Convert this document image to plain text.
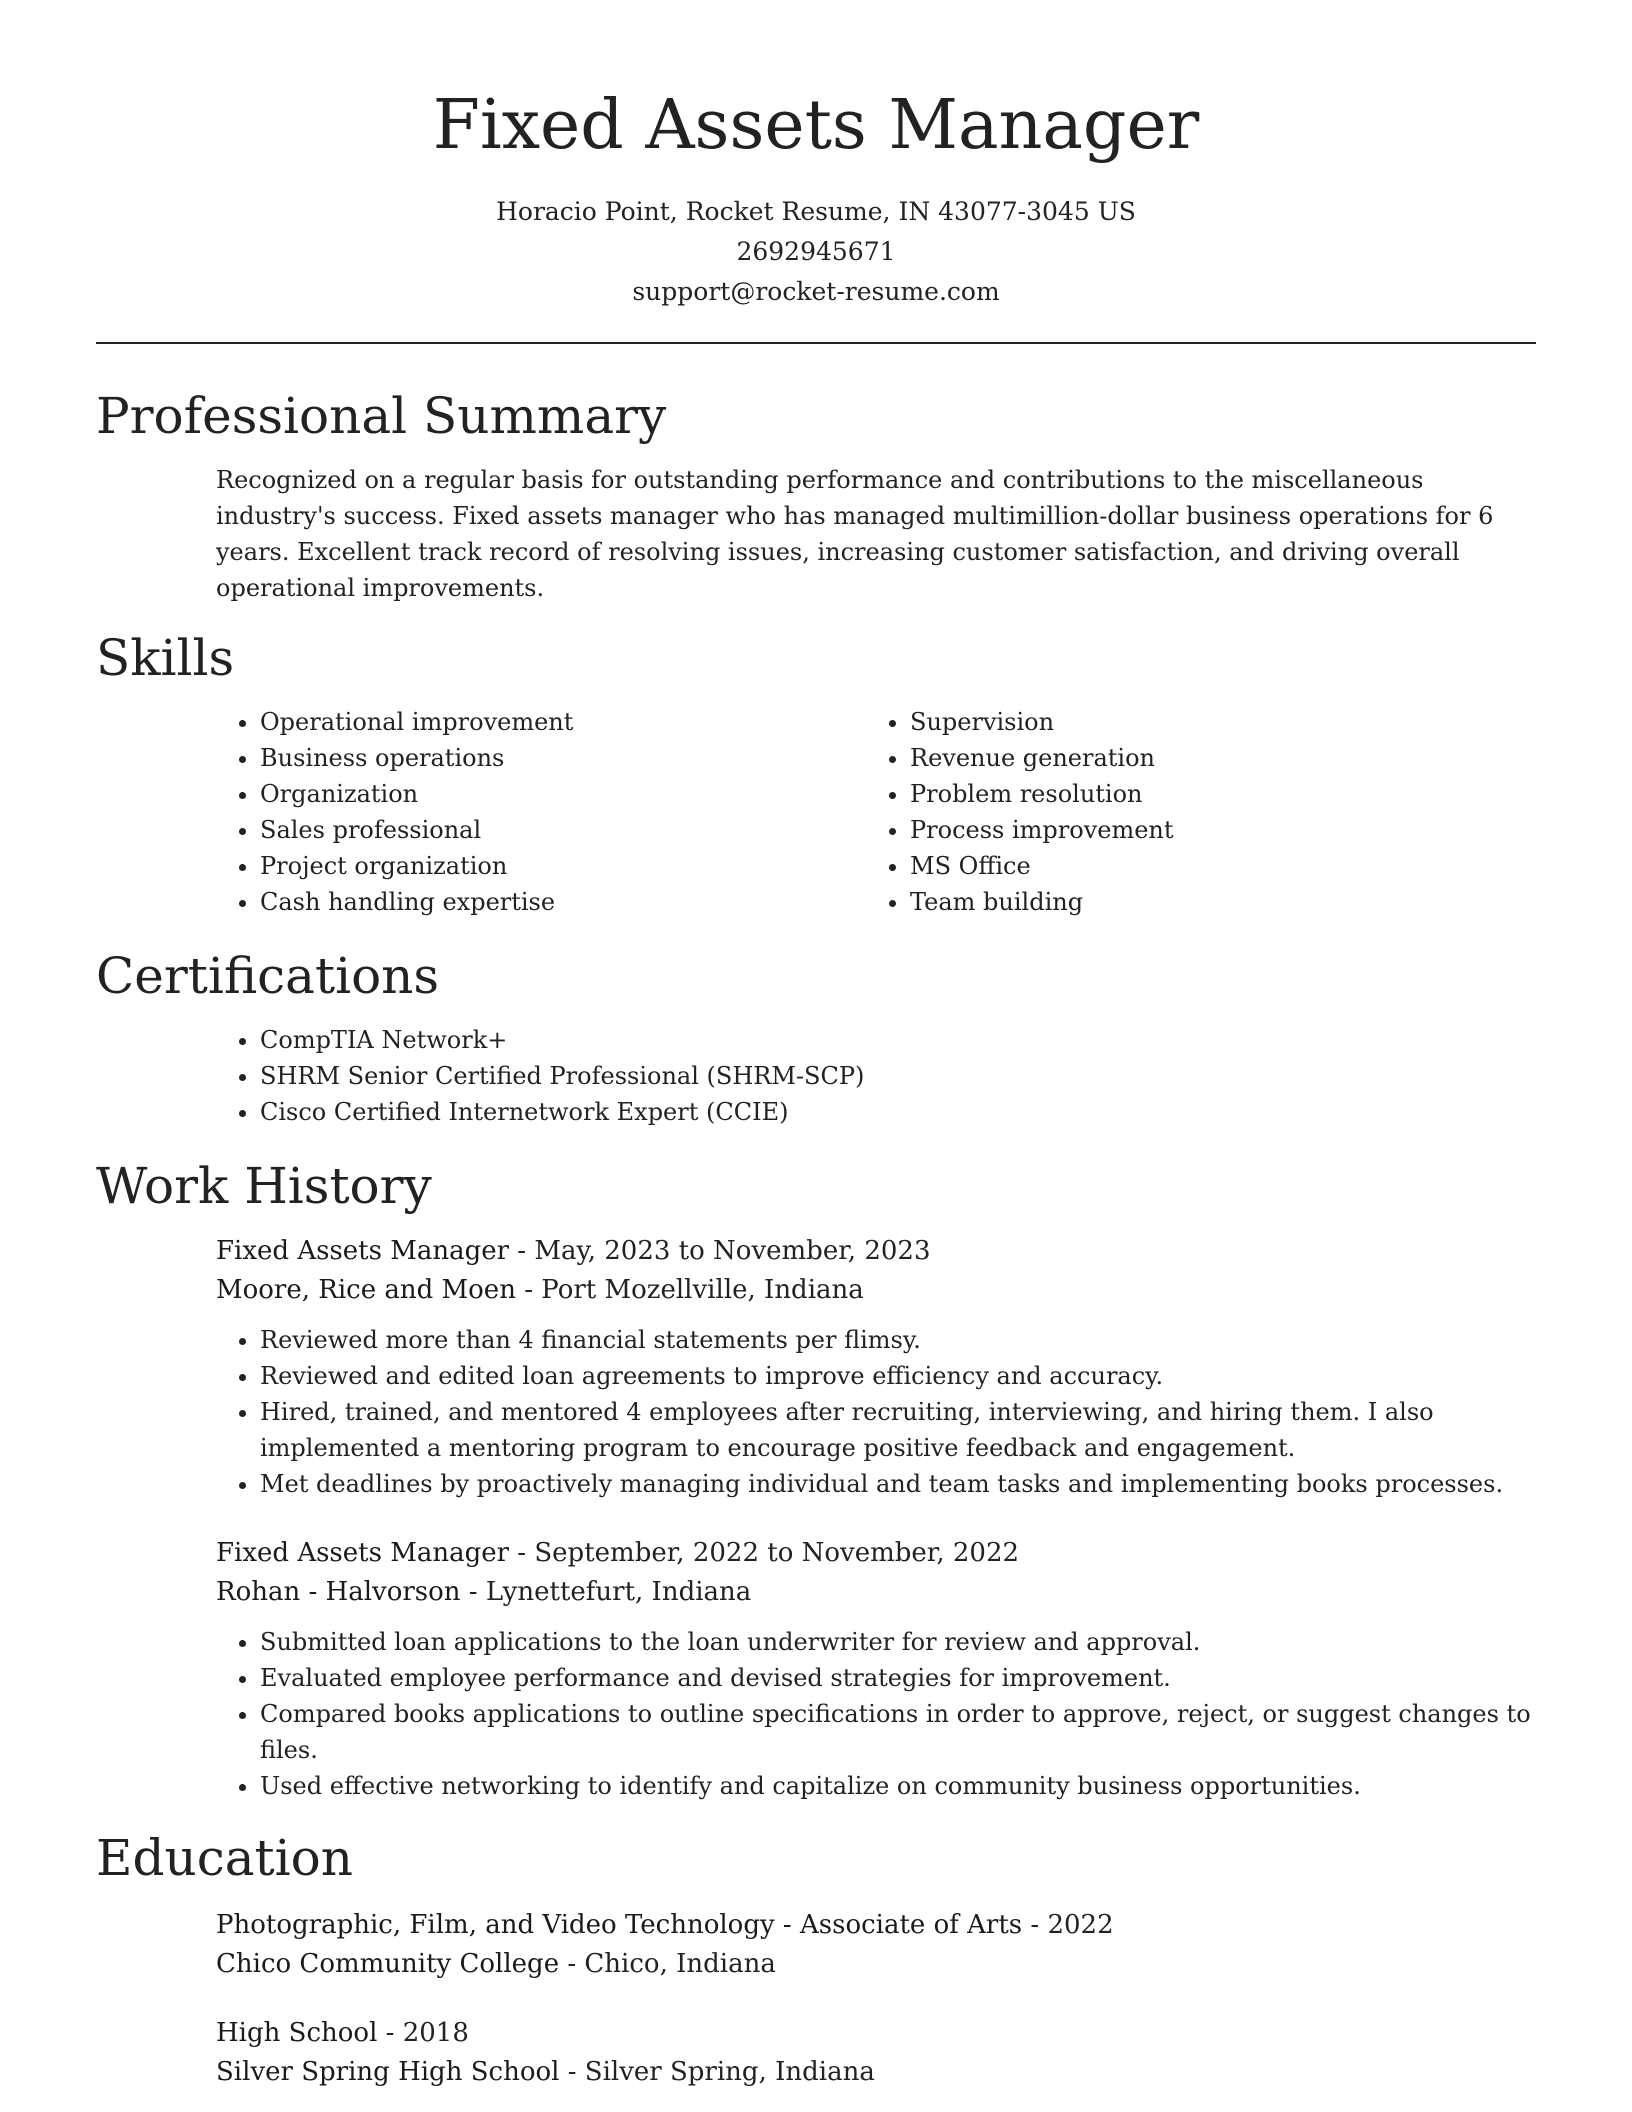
Fixed Assets Manager
Horacio Point, Rocket Resume, IN 43077-3045 US
2692945671
support@rocket-resume.com
Professional Summary
Recognized on a regular basis for outstanding performance and contributions to the miscellaneous industry's success. Fixed assets manager who has managed multimillion-dollar business operations for 6 years. Excellent track record of resolving issues, increasing customer satisfaction, and driving overall operational improvements.
Skills
• Operational improvement
• Business operations
• Organization
• Sales professional
• Project organization
• Cash handling expertise
• Supervision
• Revenue generation
• Problem resolution
• Process improvement
• MS Office
• Team building
Certifications
• CompTIA Network+
• SHRM Senior Certified Professional (SHRM-SCP)
• Cisco Certified Internetwork Expert (CCIE)
Work History
Fixed Assets Manager - May, 2023 to November, 2023
Moore, Rice and Moen - Port Mozellville, Indiana
• Reviewed more than 4 financial statements per flimsy.
• Reviewed and edited loan agreements to improve efficiency and accuracy.
• Hired, trained, and mentored 4 employees after recruiting, interviewing, and hiring them. I also implemented a mentoring program to encourage positive feedback and engagement.
• Met deadlines by proactively managing individual and team tasks and implementing books processes.
Fixed Assets Manager - September, 2022 to November, 2022
Rohan - Halvorson - Lynettefurt, Indiana
• Submitted loan applications to the loan underwriter for review and approval.
• Evaluated employee performance and devised strategies for improvement.
• Compared books applications to outline specifications in order to approve, reject, or suggest changes to files.
• Used effective networking to identify and capitalize on community business opportunities.
Education
Photographic, Film, and Video Technology - Associate of Arts - 2022
Chico Community College - Chico, Indiana
High School - 2018
Silver Spring High School - Silver Spring, Indiana
